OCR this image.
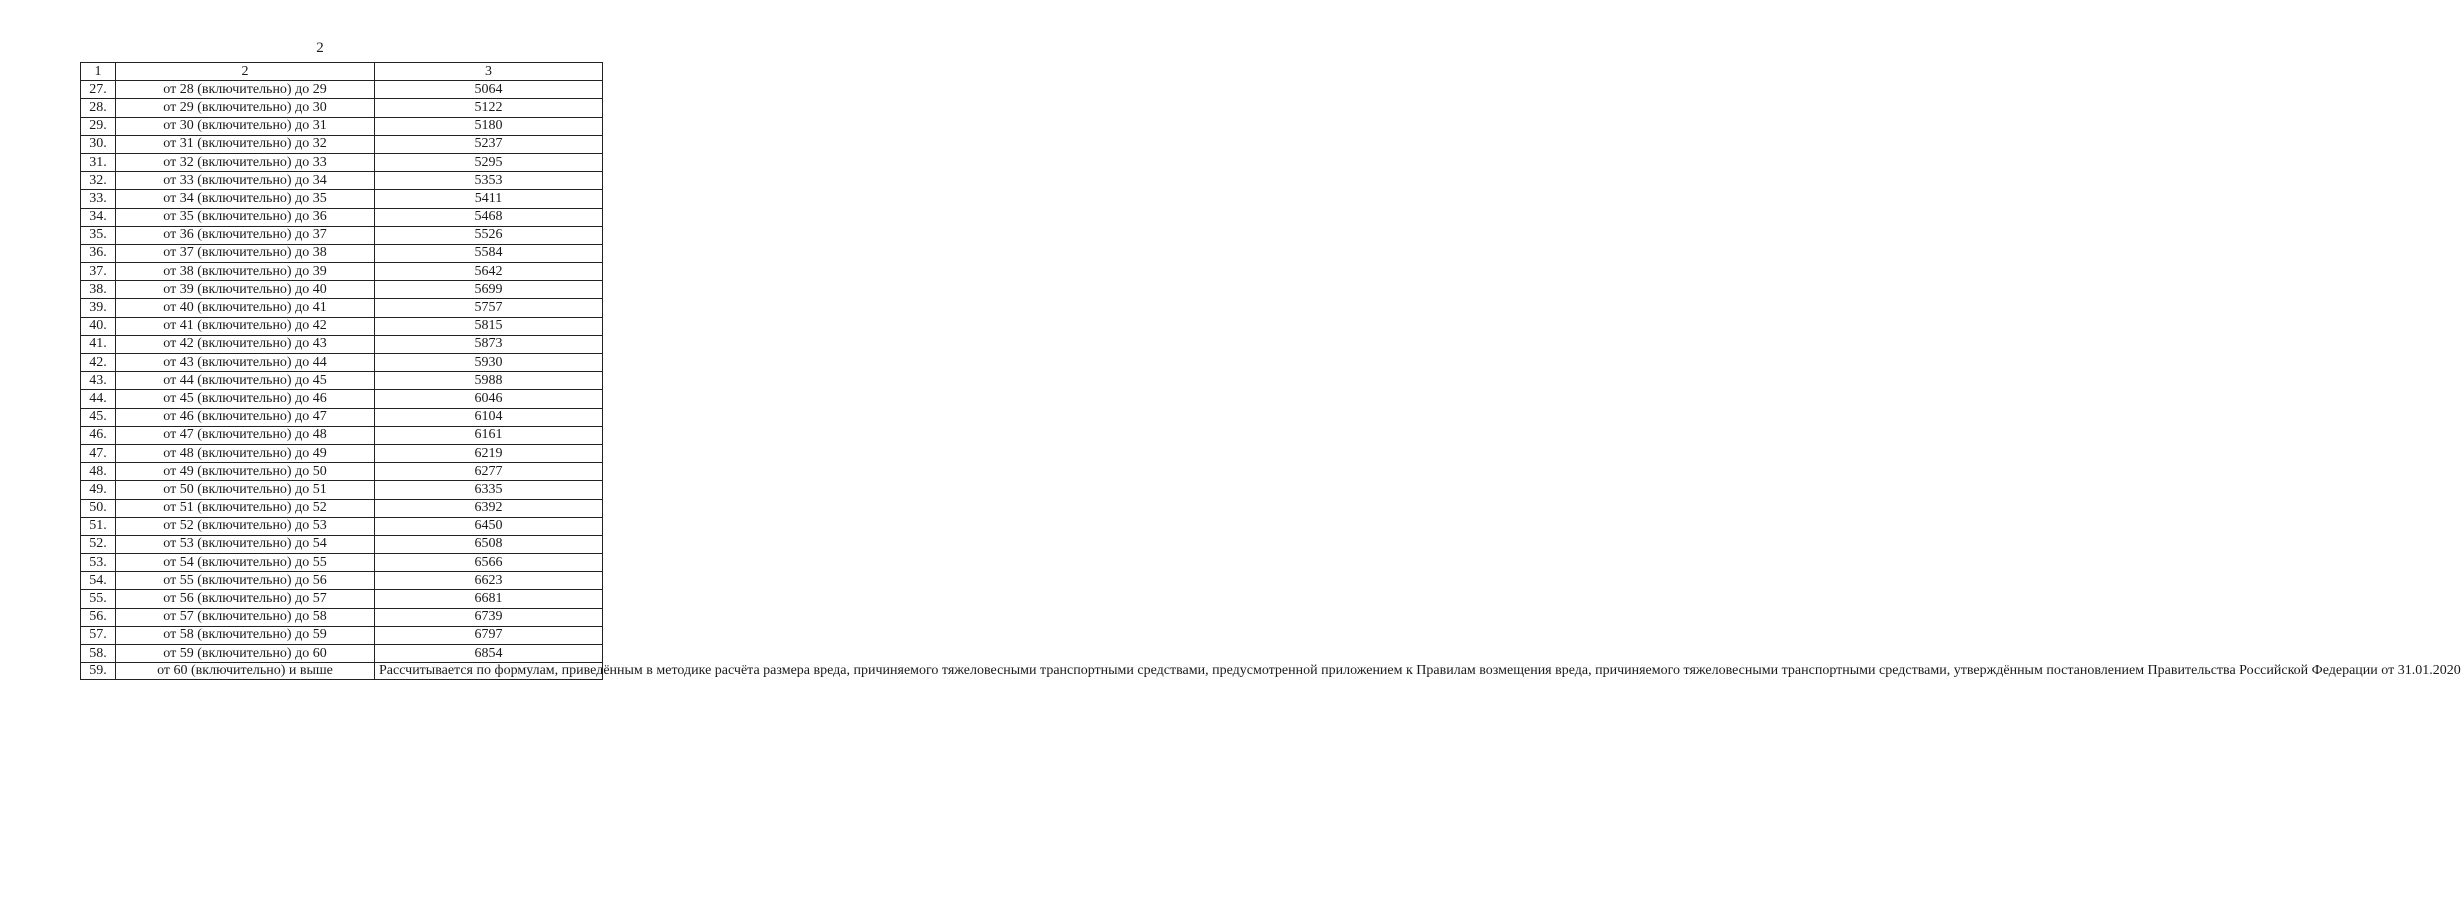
2
1	2	3
27.	от 28 (включительно) до 29	5064
28.	от 29 (включительно) до 30	5122
29.	от 30 (включительно) до 31	5180
30.	от 31 (включительно) до 32	5237
31.	от 32 (включительно) до 33	5295
32.	от 33 (включительно) до 34	5353
33.	от 34 (включительно) до 35	5411
34.	от 35 (включительно) до 36	5468
35.	от 36 (включительно) до 37	5526
36.	от 37 (включительно) до 38	5584
37.	от 38 (включительно) до 39	5642
38.	от 39 (включительно) до 40	5699
39.	от 40 (включительно) до 41	5757
40.	от 41 (включительно) до 42	5815
41.	от 42 (включительно) до 43	5873
42.	от 43 (включительно) до 44	5930
43.	от 44 (включительно) до 45	5988
44.	от 45 (включительно) до 46	6046
45.	от 46 (включительно) до 47	6104
46.	от 47 (включительно) до 48	6161
47.	от 48 (включительно) до 49	6219
48.	от 49 (включительно) до 50	6277
49.	от 50 (включительно) до 51	6335
50.	от 51 (включительно) до 52	6392
51.	от 52 (включительно) до 53	6450
52.	от 53 (включительно) до 54	6508
53.	от 54 (включительно) до 55	6566
54.	от 55 (включительно) до 56	6623
55.	от 56 (включительно) до 57	6681
56.	от 57 (включительно) до 58	6739
57.	от 58 (включительно) до 59	6797
58.	от 59 (включительно) до 60	6854
59.	от 60 (включительно) и выше	Рассчитывается по формулам, приведённым в методике расчёта размера вреда, причиняемого тяжеловесными транспортными средствами, предусмотренной приложением к Правилам возмещения вреда, причиняемого тяжеловесными транспортными средствами, утверждённым постановлением Правительства Российской Федерации от 31.01.2020
